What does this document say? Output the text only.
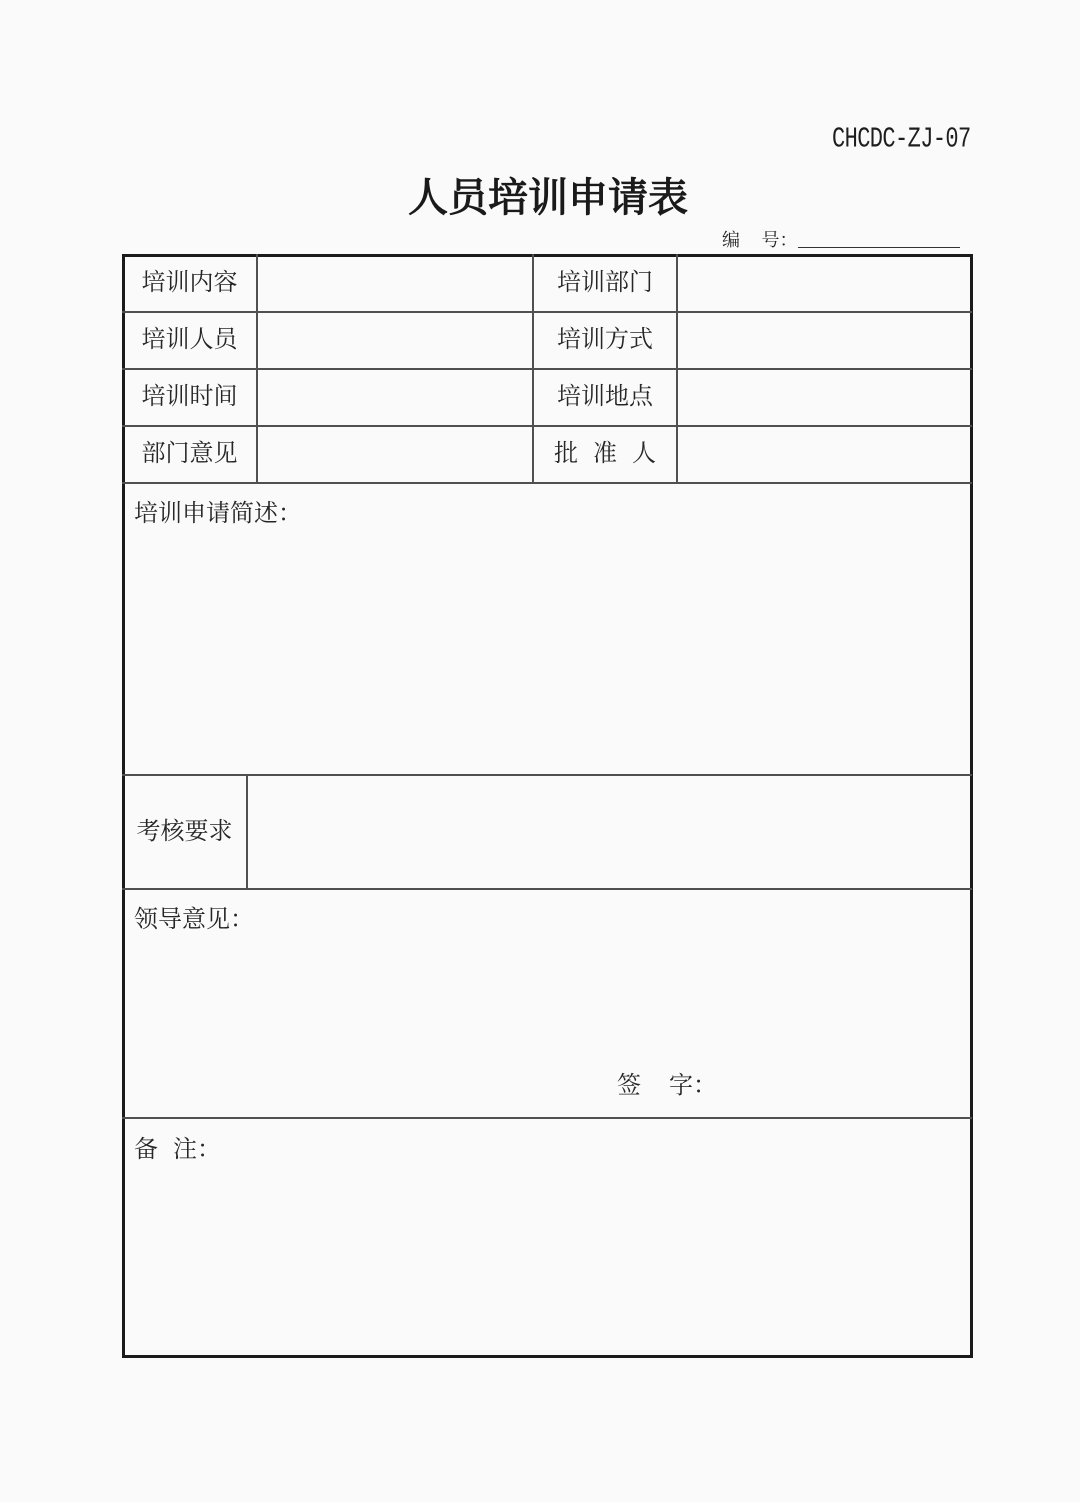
CHCDC-ZJ-07
人员培训申请表
编 号：
培训内容	培训部门
培训人员	培训方式
培训时间	培训地点
部门意见	批 准 人
培训申请简述：
考核要求
领导意见：
签 字：
备 注：
